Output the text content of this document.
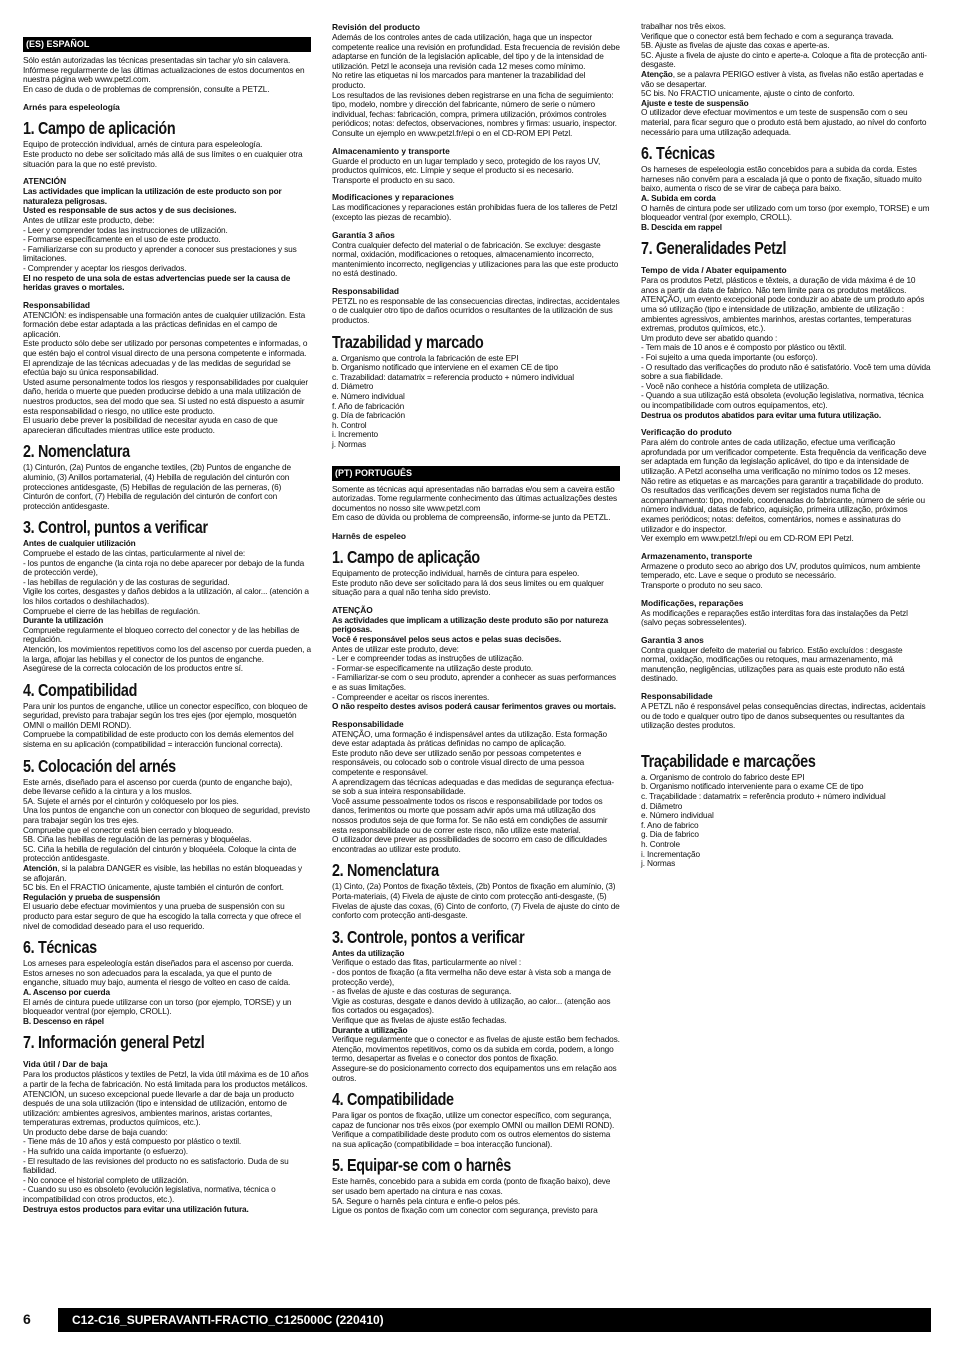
(ES) ESPAÑOL

Sólo están autorizadas las técnicas presentadas sin tachar y/o sin calavera.
Infórmese regularmente de las últimas actualizaciones de estos documentos en nuestra página web www.petzl.com.
En caso de duda o de problemas de comprensión, consulte a PETZL.

Arnés para espeleología

1. Campo de aplicación

Equipo de protección individual, arnés de cintura para espeleología.
Este producto no debe ser solicitado más allá de sus límites o en cualquier otra situación para la que no esté previsto.

ATENCIÓN

Las actividades que implican la utilización de este producto son por naturaleza peligrosas.
Usted es responsable de sus actos y de sus decisiones.

Antes de utilizar este producto, debe:
- Leer y comprender todas las instrucciones de utilización.
- Formarse específicamente en el uso de este producto.
- Familiarizarse con su producto y aprender a conocer sus prestaciones y sus limitaciones.
- Comprender y aceptar los riesgos derivados.

El no respeto de una sola de estas advertencias puede ser la causa de heridas graves o mortales.

Responsabilidad

ATENCIÓN: es indispensable una formación antes de cualquier utilización. Esta formación debe estar adaptada a las prácticas definidas en el campo de aplicación.
Este producto sólo debe ser utilizado por personas competentes e informadas, o que estén bajo el control visual directo de una persona competente e informada.
El aprendizaje de las técnicas adecuadas y de las medidas de seguridad se efectúa bajo su única responsabilidad.
Usted asume personalmente todos los riesgos y responsabilidades por cualquier daño, herida o muerte que pueden producirse debido a una mala utilización de nuestros productos, sea del modo que sea. Si usted no está dispuesto a asumir esta responsabilidad o riesgo, no utilice este producto.
El usuario debe prever la posibilidad de necesitar ayuda en caso de que aparecieran dificultades mientras utilice este producto.

2. Nomenclatura

(1) Cinturón, (2a) Puntos de enganche textiles, (2b) Puntos de enganche de aluminio, (3) Anillos portamaterial, (4) Hebilla de regulación del cinturón con protecciones antidesgaste, (5) Hebillas de regulación de las perneras, (6) Cinturón de confort, (7) Hebilla de regulación del cinturón de confort con protección antidesgaste.

3. Control, puntos a verificar

Antes de cualquier utilización

Compruebe el estado de las cintas, particularmente al nivel de:
- los puntos de enganche (la cinta roja no debe aparecer por debajo de la funda de protección verde),
- las hebillas de regulación y de las costuras de seguridad.
Vigile los cortes, desgastes y daños debidos a la utilización, al calor... (atención a los hilos cortados o deshilachados).
Compruebe el cierre de las hebillas de regulación.

Durante la utilización

Compruebe regularmente el bloqueo correcto del conector y de las hebillas de regulación.
Atención, los movimientos repetitivos como los del ascenso por cuerda pueden, a la larga, aflojar las hebillas y el conector de los puntos de enganche.
Asegúrese de la correcta colocación de los productos entre sí.

4. Compatibilidad

Para unir los puntos de enganche, utilice un conector específico, con bloqueo de seguridad, previsto para trabajar según los tres ejes (por ejemplo, mosquetón OMNI o maillón DEMI ROND).
Compruebe la compatibilidad de este producto con los demás elementos del sistema en su aplicación (compatibilidad = interacción funcional correcta).

5. Colocación del arnés

Este arnés, diseñado para el ascenso por cuerda (punto de enganche bajo), debe llevarse ceñido a la cintura y a los muslos.
5A. Sujete el arnés por el cinturón y colóqueselo por los pies.
Una los puntos de enganche con un conector con bloqueo de seguridad, previsto para trabajar según los tres ejes.
Compruebe que el conector está bien cerrado y bloqueado.
5B. Ciña las hebillas de regulación de las perneras y bloquéelas.
5C. Ciña la hebilla de regulación del cinturón y bloquéela. Coloque la cinta de protección antidesgaste.

Atención, si la palabra DANGER es visible, las hebillas no están bloqueadas y se aflojarán.

5C bis. En el FRACTIO únicamente, ajuste también el cinturón de confort.

Regulación y prueba de suspensión

El usuario debe efectuar movimientos y una prueba de suspensión con su producto para estar seguro de que ha escogido la talla correcta y que ofrece el nivel de comodidad deseado para el uso requerido.

6. Técnicas

Los arneses para espeleología están diseñados para el ascenso por cuerda. Estos arneses no son adecuados para la escalada, ya que el punto de enganche, situado muy bajo, aumenta el riesgo de volteo en caso de caída.

A. Ascenso por cuerda

El arnés de cintura puede utilizarse con un torso (por ejemplo, TORSE) y un bloqueador ventral (por ejemplo, CROLL).

B. Descenso en rápel

7. Información general Petzl

Vida útil / Dar de baja

Para los productos plásticos y textiles de Petzl, la vida útil máxima es de 10 años a partir de la fecha de fabricación. No está limitada para los productos metálicos.
ATENCIÓN, un suceso excepcional puede llevarle a dar de baja un producto después de una sola utilización (tipo e intensidad de utilización, entorno de utilización: ambientes agresivos, ambientes marinos, aristas cortantes, temperaturas extremas, productos químicos, etc.).
Un producto debe darse de baja cuando:
- Tiene más de 10 años y está compuesto por plástico o textil.
- Ha sufrido una caída importante (o esfuerzo).
- El resultado de las revisiones del producto no es satisfactorio. Duda de su fiabilidad.
- No conoce el historial completo de utilización.
- Cuando su uso es obsoleto (evolución legislativa, normativa, técnica o incompatibilidad con otros productos, etc.).

Destruya estos productos para evitar una utilización futura.

Revisión del producto

Además de los controles antes de cada utilización, haga que un inspector competente realice una revisión en profundidad. Esta frecuencia de revisión debe adaptarse en función de la legislación aplicable, del tipo y de la intensidad de utilización. Petzl le aconseja una revisión cada 12 meses como mínimo.
No retire las etiquetas ni los marcados para mantener la trazabilidad del producto.
Los resultados de las revisiones deben registrarse en una ficha de seguimiento: tipo, modelo, nombre y dirección del fabricante, número de serie o número individual, fechas: fabricación, compra, primera utilización, próximos controles periódicos; notas: defectos, observaciones, nombres y firmas: usuario, inspector.
Consulte un ejemplo en www.petzl.fr/epi o en el CD-ROM EPI Petzl.

Almacenamiento y transporte

Guarde el producto en un lugar templado y seco, protegido de los rayos UV, productos químicos, etc. Límpie y seque el producto si es necesario.
Transporte el producto en su saco.

Modificaciones y reparaciones

Las modificaciones y reparaciones están prohibidas fuera de los talleres de Petzl (excepto las piezas de recambio).

Garantía 3 años

Contra cualquier defecto del material o de fabricación. Se excluye: desgaste normal, oxidación, modificaciones o retoques, almacenamiento incorrecto, mantenimiento incorrecto, negligencias y utilizaciones para las que este producto no está destinado.

Responsabilidad

PETZL no es responsable de las consecuencias directas, indirectas, accidentales o de cualquier otro tipo de daños ocurridos o resultantes de la utilización de sus productos.

Trazabilidad y marcado

a. Organismo que controla la fabricación de este EPI
b. Organismo notificado que interviene en el examen CE de tipo
c. Trazabilidad: datamatrix = referencia producto + número individual
d. Diámetro
e. Número individual
f. Año de fabricación
g. Día de fabricación
h. Control
i. Incremento
j. Normas

(PT) PORTUGUÊS

Somente as técnicas aqui apresentadas não barradas e/ou sem a caveira estão autorizadas. Tome regularmente conhecimento das últimas actualizações destes documentos no nosso site www.petzl.com
Em caso de dúvida ou problema de compreensão, informe-se junto da PETZL.

Harnês de espeleo

1. Campo de aplicação

Equipamento de protecção individual, harnês de cintura para espeleo.
Este produto não deve ser solicitado para lá dos seus limites ou em qualquer situação para a qual não tenha sido previsto.

ATENÇÃO

As actividades que implicam a utilização deste produto são por natureza perigosas.
Você é responsável pelos seus actos e pelas suas decisões.

Antes de utilizar este produto, deve:
- Ler e compreender todas as instruções de utilização.
- Formar-se especificamente na utilização deste produto.
- Familiarizar-se com o seu produto, aprender a conhecer as suas performances e as suas limitações.
- Compreender e aceitar os riscos inerentes.

O não respeito destes avisos poderá causar ferimentos graves ou mortais.

Responsabilidade

ATENÇÃO, uma formação é indispensável antes da utilização. Esta formação deve estar adaptada às práticas definidas no campo de aplicação.
Este produto não deve ser utilizado senão por pessoas competentes e responsáveis, ou colocado sob o controle visual directo de uma pessoa competente e responsável.
A aprendizagem das técnicas adequadas e das medidas de segurança efectua-se sob a sua inteira responsabilidade.
Você assume pessoalmente todos os riscos e responsabilidade por todos os danos, ferimentos ou morte que possam advir após uma má utilização dos nossos produtos seja de que forma for. Se não está em condições de assumir esta responsabilidade ou de correr este risco, não utilize este material.
O utilizador deve prever as possibilidades de socorro em caso de dificuldades encontradas ao utilizar este produto.

2. Nomenclatura

(1) Cinto, (2a) Pontos de fixação têxteis, (2b) Pontos de fixação em alumínio, (3) Porta-materiais, (4) Fivela de ajuste de cinto com protecção anti-desgaste, (5) Fivelas de ajuste das coxas, (6) Cinto de conforto, (7) Fivela de ajuste do cinto de conforto com protecção anti-desgaste.

3. Controle, pontos a verificar

Antes da utilização

Verifique o estado das fitas, particularmente ao nível :
- dos pontos de fixação (a fita vermelha não deve estar à vista sob a manga de protecção verde),
- as fivelas de ajuste e das costuras de segurança.
Vigie as costuras, desgate e danos devido à utilização, ao calor... (atenção aos fios cortados ou esgaçados).
Verifique que as fivelas de ajuste estão fechadas.

Durante a utilização

Verifique regularmente que o conector e as fivelas de ajuste estão bem fechados. Atenção, movimentos repetitivos, como os da subida em corda, podem, a longo termo, desapertar as fivelas e o conector dos pontos de fixação.
Assegure-se do posicionamento correcto dos equipamentos uns em relação aos outros.

4. Compatibilidade

Para ligar os pontos de fixação, utilize um conector específico, com segurança, capaz de funcionar nos três eixos (por exemplo OMNI ou maillon DEMI ROND).
Verifique a compatibilidade deste produto com os outros elementos do sistema na sua aplicação (compatibilidade = boa interacção funcional).

5. Equipar-se com o harnês

Este harnês, concebido para a subida em corda (ponto de fixação baixo), deve ser usado bem apertado na cintura e nas coxas.
5A. Segure o harnês pela cintura e enfie-o pelos pés.
Ligue os pontos de fixação com um conector com segurança, previsto para

trabalhar nos três eixos.
Verifique que o conector está bem fechado e com a segurança travada.
5B. Ajuste as fivelas de ajuste das coxas e aperte-as.
5C. Ajuste a fivela de ajuste do cinto e aperte-a. Coloque a fita de protecção anti-desgaste.

Atenção, se a palavra PERIGO estiver à vista, as fivelas não estão apertadas e vão se desapertar.

5C bis. No FRACTIO unicamente, ajuste o cinto de conforto.

Ajuste e teste de suspensão

O utilizador deve efectuar movimentos e um teste de suspensão com o seu material, para ficar seguro que o produto está bem ajustado, ao nível do conforto necessário para uma utilização adequada.

6. Técnicas

Os harneses de espeleologia estão concebidos para a subida da corda. Estes harneses não convêm para a escalada já que o ponto de fixação, situado muito baixo, aumenta o risco de se virar de cabeça para baixo.

A. Subida em corda

O harnês de cintura pode ser utilizado com um torso (por exemplo, TORSE) e um bloqueador ventral (por exemplo, CROLL).

B. Descida em rappel

7. Generalidades Petzl

Tempo de vida / Abater equipamento

Para os produtos Petzl, plásticos e têxteis, a duração de vida máxima é de 10 anos a partir da data de fabrico. Não tem limite para os produtos metálicos.
ATENÇÃO, um evento excepcional pode conduzir ao abate de um produto após uma só utilização (tipo e intensidade de utilização, ambiente de utilização : ambientes agressivos, ambientes marinhos, arestas cortantes, temperaturas extremas, produtos químicos, etc.).
Um produto deve ser abatido quando :
- Tem mais de 10 anos e é composto por plástico ou têxtil.
- Foi sujeito a uma queda importante (ou esforço).
- O resultado das verificações do produto não é satisfatório. Você tem uma dúvida sobre a sua fiabilidade.
- Você não conhece a história completa de utilização.
- Quando a sua utilização está obsoleta (evolução legislativa, normativa, técnica ou incompatibilidade com outros equipamentos, etc).

Destrua os produtos abatidos para evitar uma futura utilização.

Verificação do produto

Para além do controle antes de cada utilização, efectue uma verificação aprofundada por um verificador competente. Esta frequência da verificação deve ser adaptada em função da legislação aplicável, do tipo e da intensidade de utilização. A Petzl aconselha uma verificação no mínimo todos os 12 meses.
Não retire as etiquetas e as marcações para garantir a traçabilidade do produto.
Os resultados das verificações devem ser registados numa ficha de acompanhamento: tipo, modelo, coordenadas do fabricante, número de série ou número individual, datas de fabrico, aquisição, primeira utilização, próximos exames periódicos; notas: defeitos, comentários, nomes e assinaturas do utilizador e do inspector.
Ver exemplo em www.petzl.fr/epi ou em CD-ROM EPI Petzl.

Armazenamento, transporte

Armazene o produto seco ao abrigo dos UV, produtos químicos, num ambiente temperado, etc. Lave e seque o produto se necessário.
Transporte o produto no seu saco.

Modificações, reparações

As modificações e reparações estão interditas fora das instalações da Petzl (salvo peças sobresselentes).

Garantia 3 anos

Contra qualquer defeito de material ou fabrico. Estão excluídos : desgaste normal, oxidação, modificações ou retoques, mau armazenamento, má manutenção, negligências, utilizações para as quais este produto não está destinado.

Responsabilidade

A PETZL não é responsável pelas consequências directas, indirectas, acidentais ou de todo e qualquer outro tipo de danos subsequentes ou resultantes da utilização destes produtos.

Traçabilidade e marcações

a. Organismo de controlo do fabrico deste EPI
b. Organismo notificado interveniente para o exame CE de tipo
c. Traçabilidade : datamatrix = referência produto + número individual
d. Diâmetro
e. Número individual
f. Ano de fabrico
g. Dia de fabrico
h. Controle
i. Incrementação
j. Normas

6	C12-C16_SUPERAVANTI-FRACTIO_C125000C (220410)
